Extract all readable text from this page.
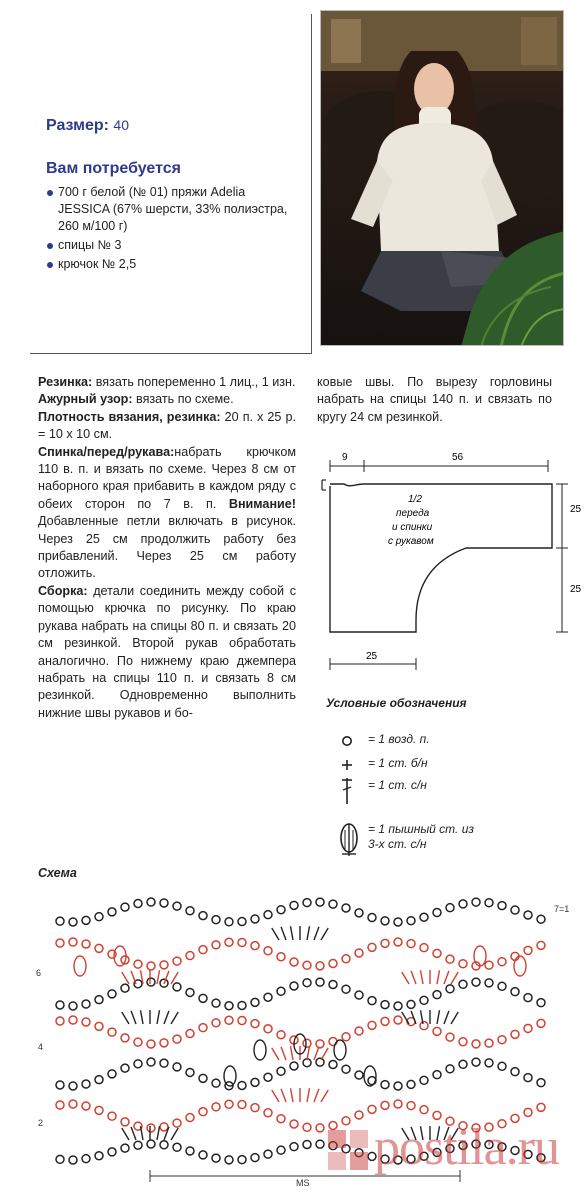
Размер: 40
Вам потребуется
700 г белой (№ 01) пряжи Adelia JESSICA (67% шерсти, 33% полиэстра, 260 м/100 г)
спицы № 3
крючок № 2,5

Резинка: вязать попеременно 1 лиц., 1 изн.

Ажурный узор: вязать по схеме.

Плотность вязания, резинка: 20 п. х 25 р. = 10 х 10 см.

Спинка/перед/рукава:набрать крючком 110 в. п. и вязать по схеме. Через 8 см от наборного края прибавить в каждом ряду с обеих сторон по 7 в. п. Внимание! Добавленные петли включать в рисунок. Через 25 см продолжить работу без прибавлений. Через 25 см работу отложить.

Сборка: детали соединить между собой с помощью крючка по рисунку. По краю рукава набрать на спицы 80 п. и связать 20 см резинкой. Второй рукав обработать аналогично. По нижнему краю джемпера набрать на спицы 110 п. и связать 8 см резинкой. Одновременно выполнить нижние швы рукавов и бо-

ковые швы. По вырезу горловины набрать на спицы 140 п. и связать по кругу 24 см резинкой.
9	56
25
25
25
1/2
переда
и спинки
с рукавом
Условные обозначения
= 1 возд. п.
= 1 ст. б/н
= 1 ст. с/н
= 1 пышный ст. из 3-х ст. с/н
Схема
7=1
6
4
2
MS
postila.ru
